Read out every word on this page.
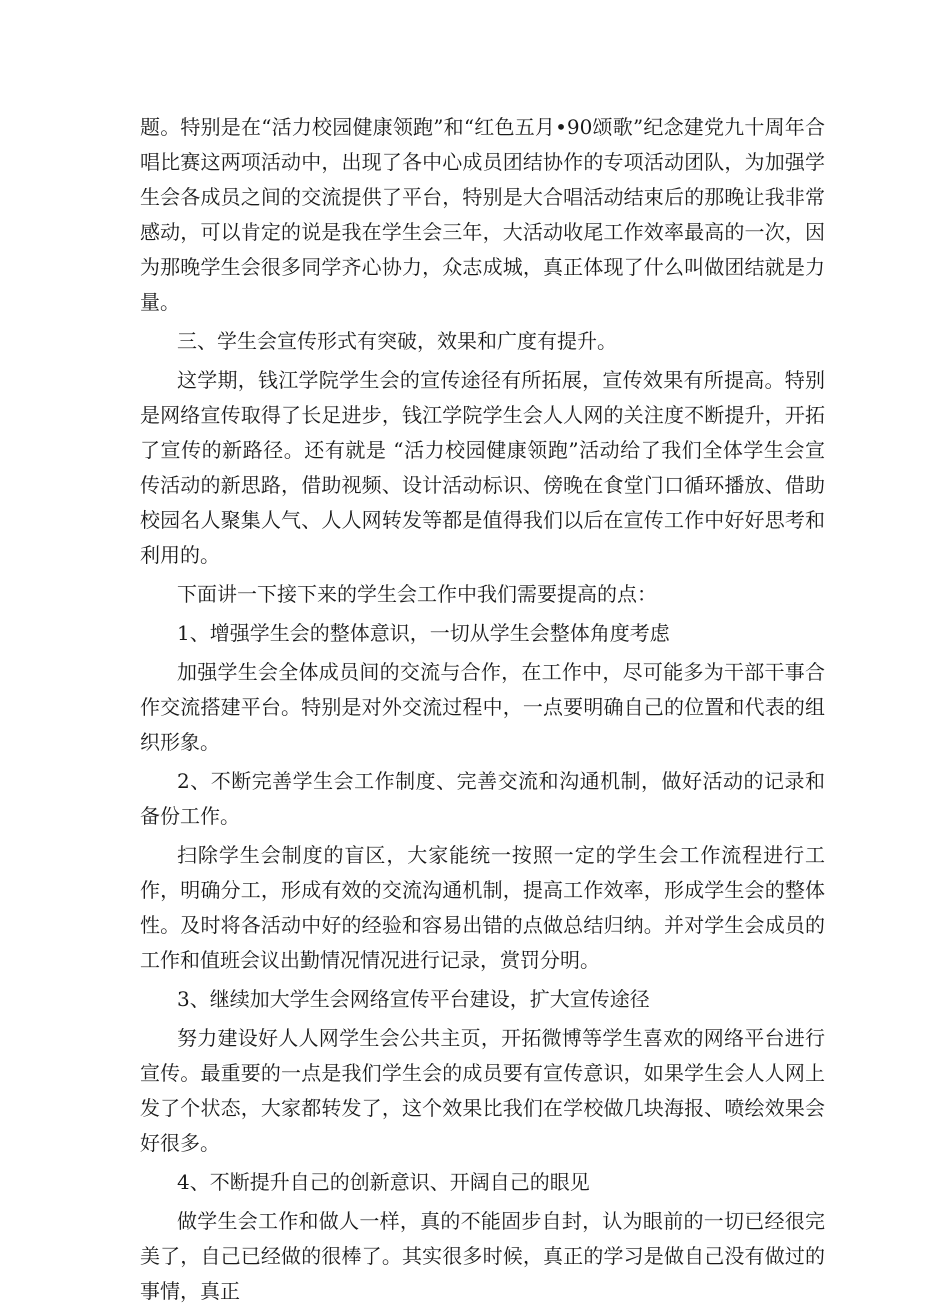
题。特别是在“活力校园健康领跑”和“红色五月•90颂歌”纪念建党九十周年合唱比赛这两项活动中，出现了各中心成员团结协作的专项活动团队，为加强学生会各成员之间的交流提供了平台，特别是大合唱活动结束后的那晚让我非常感动，可以肯定的说是我在学生会三年，大活动收尾工作效率最高的一次，因为那晚学生会很多同学齐心协力，众志成城，真正体现了什么叫做团结就是力量。

三、学生会宣传形式有突破，效果和广度有提升。

这学期，钱江学院学生会的宣传途径有所拓展，宣传效果有所提高。特别是网络宣传取得了长足进步，钱江学院学生会人人网的关注度不断提升，开拓了宣传的新路径。还有就是 “活力校园健康领跑”活动给了我们全体学生会宣传活动的新思路，借助视频、设计活动标识、傍晚在食堂门口循环播放、借助校园名人聚集人气、人人网转发等都是值得我们以后在宣传工作中好好思考和利用的。

下面讲一下接下来的学生会工作中我们需要提高的点：

1、增强学生会的整体意识，一切从学生会整体角度考虑

加强学生会全体成员间的交流与合作，在工作中，尽可能多为干部干事合作交流搭建平台。特别是对外交流过程中，一点要明确自己的位置和代表的组织形象。

2、不断完善学生会工作制度、完善交流和沟通机制，做好活动的记录和备份工作。

扫除学生会制度的盲区，大家能统一按照一定的学生会工作流程进行工作，明确分工，形成有效的交流沟通机制，提高工作效率，形成学生会的整体性。及时将各活动中好的经验和容易出错的点做总结归纳。并对学生会成员的工作和值班会议出勤情况情况进行记录，赏罚分明。

3、继续加大学生会网络宣传平台建设，扩大宣传途径

努力建设好人人网学生会公共主页，开拓微博等学生喜欢的网络平台进行宣传。最重要的一点是我们学生会的成员要有宣传意识，如果学生会人人网上发了个状态，大家都转发了，这个效果比我们在学校做几块海报、喷绘效果会好很多。

4、不断提升自己的创新意识、开阔自己的眼见

做学生会工作和做人一样，真的不能固步自封，认为眼前的一切已经很完美了，自己已经做的很棒了。其实很多时候，真正的学习是做自己没有做过的事情，真正
